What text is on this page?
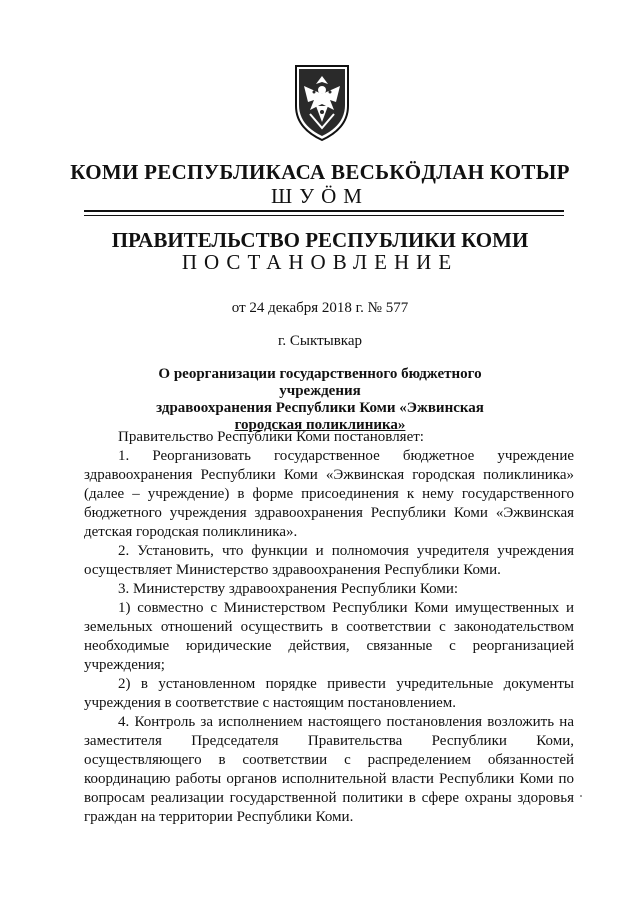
КОМИ РЕСПУБЛИКАСА ВЕСЬКӦДЛАН КОТЫР
ШУӦМ
ПРАВИТЕЛЬСТВО РЕСПУБЛИКИ КОМИ
ПОСТАНОВЛЕНИЕ
от 24 декабря 2018 г. № 577
г. Сыктывкар
О реорганизации государственного бюджетного учреждения
здравоохранения Республики Коми «Эжвинская
городская поликлиника»

Правительство Республики Коми постановляет:

1. Реорганизовать государственное бюджетное учреждение здравоохранения Республики Коми «Эжвинская городская поликлиника» (далее – учреждение) в форме присоединения к нему государственного бюджетного учреждения здравоохранения Республики Коми «Эжвинская детская городская поликлиника».

2. Установить, что функции и полномочия учредителя учреждения осуществляет Министерство здравоохранения Республики Коми.

3. Министерству здравоохранения Республики Коми:

1) совместно с Министерством Республики Коми имущественных и земельных отношений осуществить в соответствии с законодательством необходимые юридические действия, связанные с реорганизацией учреждения;

2) в установленном порядке привести учредительные документы учреждения в соответствие с настоящим постановлением.

4. Контроль за исполнением настоящего постановления возложить на заместителя Председателя Правительства Республики Коми, осуществляющего в соответствии с распределением обязанностей координацию работы органов исполнительной власти Республики Коми по вопросам реализации государственной политики в сфере охраны здоровья граждан на территории Республики Коми.
